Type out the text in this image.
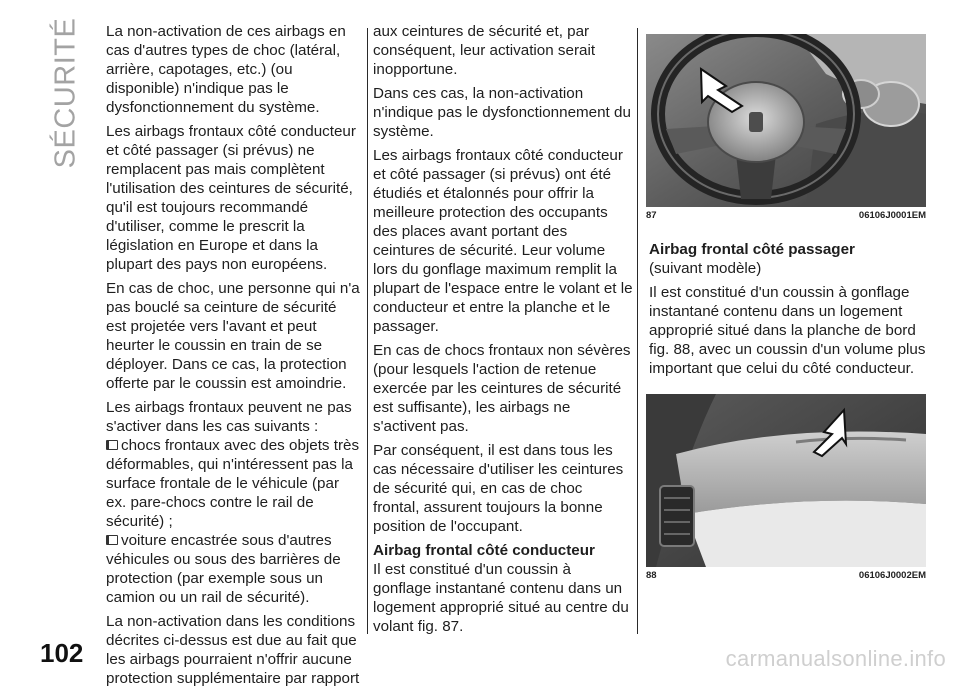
SÉCURITÉ La non-activation de ces airbags en cas d'autres types de choc (latéral, arrière, capotages, etc.) (ou disponible) n'indique pas le dysfonctionnement du système.

Les airbags frontaux côté conducteur et côté passager (si prévus) ne remplacent pas mais complètent l'utilisation des ceintures de sécurité, qu'il est toujours recommandé d'utiliser, comme le prescrit la législation en Europe et dans la plupart des pays non européens.

En cas de choc, une personne qui n'a pas bouclé sa ceinture de sécurité est projetée vers l'avant et peut heurter le coussin en train de se déployer. Dans ce cas, la protection offerte par le coussin est amoindrie.

Les airbags frontaux peuvent ne pas s'activer dans les cas suivants :
chocs frontaux avec des objets très déformables, qui n'intéressent pas la surface frontale de le véhicule (par ex. pare-chocs contre le rail de sécurité) ;
voiture encastrée sous d'autres véhicules ou sous des barrières de protection (par exemple sous un camion ou un rail de sécurité).

La non-activation dans les conditions décrites ci-dessus est due au fait que les airbags pourraient n'offrir aucune protection supplémentaire par rapport

aux ceintures de sécurité et, par conséquent, leur activation serait inopportune.

Dans ces cas, la non-activation n'indique pas le dysfonctionnement du système.

Les airbags frontaux côté conducteur et côté passager (si prévus) ont été étudiés et étalonnés pour offrir la meilleure protection des occupants des places avant portant des ceintures de sécurité. Leur volume lors du gonflage maximum remplit la plupart de l'espace entre le volant et le conducteur et entre la planche et le passager.

En cas de chocs frontaux non sévères (pour lesquels l'action de retenue exercée par les ceintures de sécurité est suffisante), les airbags ne s'activent pas.

Par conséquent, il est dans tous les cas nécessaire d'utiliser les ceintures de sécurité qui, en cas de choc frontal, assurent toujours la bonne position de l'occupant.

Airbag frontal côté conducteur

Il est constitué d'un coussin à gonflage instantané contenu dans un logement approprié situé au centre du volant fig. 87.

87	06106J0001EM
Airbag frontal côté passager

(suivant modèle)

Il est constitué d'un coussin à gonflage instantané contenu dans un logement approprié situé dans la planche de bord fig. 88, avec un coussin d'un volume plus important que celui du côté conducteur.

88	06106J0002EM
102	carmanualsonline.info
